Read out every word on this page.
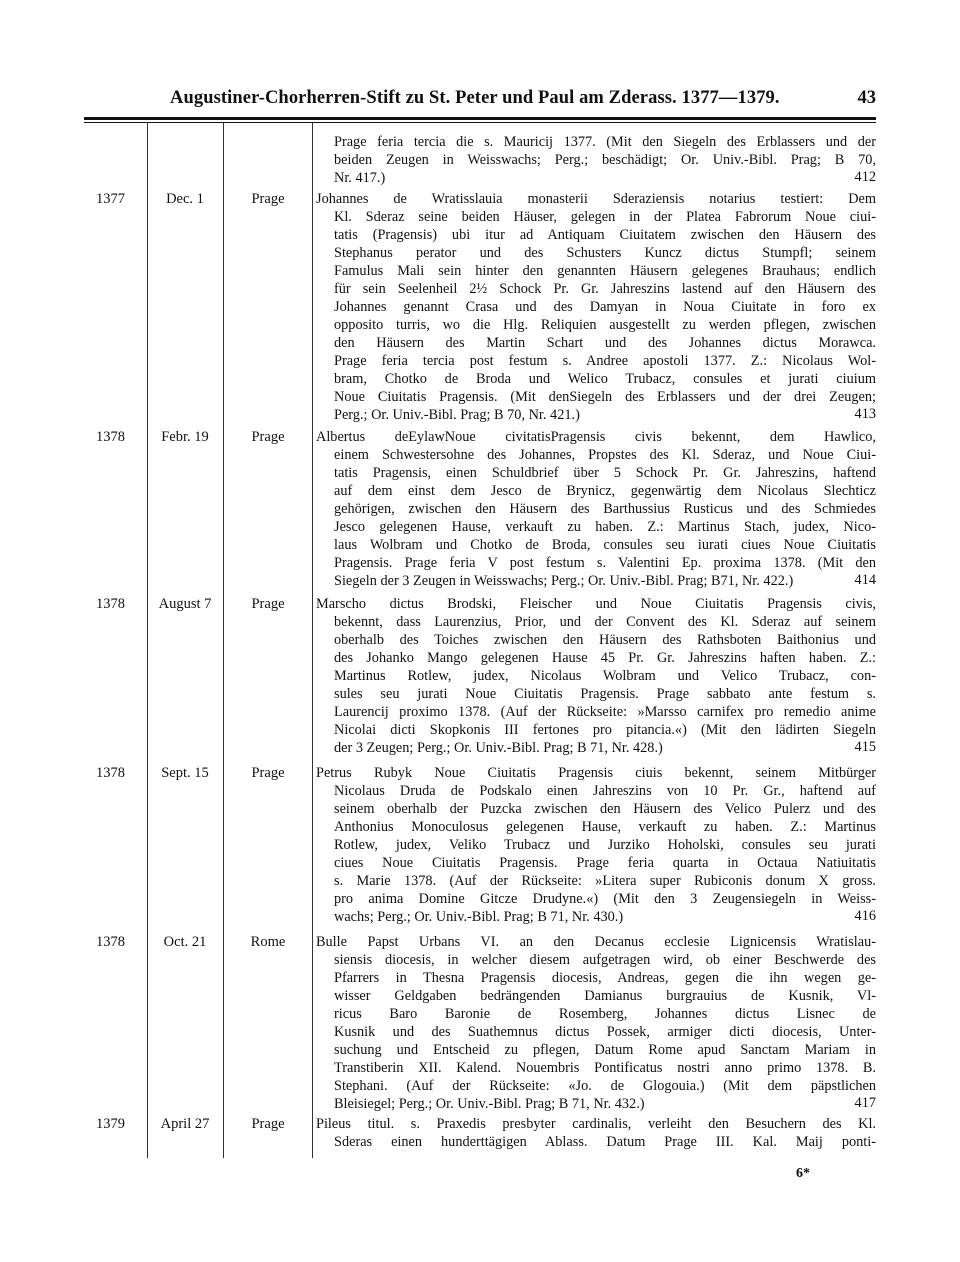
Augustiner-Chorherren-Stift zu St. Peter und Paul am Zderass. 1377—1379.	43
Prage feria tercia die s. Mauricij 1377. (Mit den Siegeln des Erblassers und der
beiden Zeugen in Weisswachs; Perg.; beschädigt; Or. Univ.-Bibl. Prag; B 70,
Nr. 417.)	412
1377	Dec. 1	Prage	Johannes de Wratisslauia monasterii Sderaziensis notarius testiert: Dem
Kl. Sderaz seine beiden Häuser, gelegen in der Platea Fabrorum Noue ciui-
tatis (Pragensis) ubi itur ad Antiquam Ciuitatem zwischen den Häusern des
Stephanus perator und des Schusters Kuncz dictus Stumpfl; seinem
Famulus Mali sein hinter den genannten Häusern gelegenes Brauhaus; endlich
für sein Seelenheil 2½ Schock Pr. Gr. Jahreszins lastend auf den Häusern des
Johannes genannt Crasa und des Damyan in Noua Ciuitate in foro ex
opposito turris, wo die Hlg. Reliquien ausgestellt zu werden pflegen, zwischen
den Häusern des Martin Schart und des Johannes dictus Morawca.
Prage feria tercia post festum s. Andree apostoli 1377. Z.: Nicolaus Wol-
bram, Chotko de Broda und Welico Trubacz, consules et jurati ciuium
Noue Ciuitatis Pragensis. (Mit denSiegeln des Erblassers und der drei Zeugen;
Perg.; Or. Univ.-Bibl. Prag; B 70, Nr. 421.)	413
1378	Febr. 19	Prage	Albertus deEylawNoue civitatisPragensis civis bekennt, dem Hawlico,
einem Schwestersohne des Johannes, Propstes des Kl. Sderaz, und Noue Ciui-
tatis Pragensis, einen Schuldbrief über 5 Schock Pr. Gr. Jahreszins, haftend
auf dem einst dem Jesco de Brynicz, gegenwärtig dem Nicolaus Slechticz
gehörigen, zwischen den Häusern des Barthussius Rusticus und des Schmiedes
Jesco gelegenen Hause, verkauft zu haben. Z.: Martinus Stach, judex, Nico-
laus Wolbram und Chotko de Broda, consules seu iurati ciues Noue Ciuitatis
Pragensis. Prage feria V post festum s. Valentini Ep. proxima 1378. (Mit den
Siegeln der 3 Zeugen in Weisswachs; Perg.; Or. Univ.-Bibl. Prag; B71, Nr. 422.)	414
1378	August 7	Prage	Marscho dictus Brodski, Fleischer und Noue Ciuitatis Pragensis civis,
bekennt, dass Laurenzius, Prior, und der Convent des Kl. Sderaz auf seinem
oberhalb des Toiches zwischen den Häusern des Rathsboten Baithonius und
des Johanko Mango gelegenen Hause 45 Pr. Gr. Jahreszins haften haben. Z.:
Martinus Rotlew, judex, Nicolaus Wolbram und Velico Trubacz, con-
sules seu jurati Noue Ciuitatis Pragensis. Prage sabbato ante festum s.
Laurencij proximo 1378. (Auf der Rückseite: »Marsso carnifex pro remedio anime
Nicolai dicti Skopkonis III fertones pro pitancia.«) (Mit den lädirten Siegeln
der 3 Zeugen; Perg.; Or. Univ.-Bibl. Prag; B 71, Nr. 428.)	415
1378	Sept. 15	Prage	Petrus Rubyk Noue Ciuitatis Pragensis ciuis bekennt, seinem Mitbürger
Nicolaus Druda de Podskalo einen Jahreszins von 10 Pr. Gr., haftend auf
seinem oberhalb der Puzcka zwischen den Häusern des Velico Pulerz und des
Anthonius Monoculosus gelegenen Hause, verkauft zu haben. Z.: Martinus
Rotlew, judex, Veliko Trubacz und Jurziko Hoholski, consules seu jurati
ciues Noue Ciuitatis Pragensis. Prage feria quarta in Octaua Natiuitatis
s. Marie 1378. (Auf der Rückseite: »Litera super Rubiconis donum X gross.
pro anima Domine Gitcze Drudyne.«) (Mit den 3 Zeugensiegeln in Weiss-
wachs; Perg.; Or. Univ.-Bibl. Prag; B 71, Nr. 430.)	416
1378	Oct. 21	Rome	Bulle Papst Urbans VI. an den Decanus ecclesie Lignicensis Wratislau-
siensis diocesis, in welcher diesem aufgetragen wird, ob einer Beschwerde des
Pfarrers in Thesna Pragensis diocesis, Andreas, gegen die ihn wegen ge-
wisser Geldgaben bedrängenden Damianus burgrauius de Kusnik, Vl-
ricus Baro Baronie de Rosemberg, Johannes dictus Lisnec de
Kusnik und des Suathemnus dictus Possek, armiger dicti diocesis, Unter-
suchung und Entscheid zu pflegen, Datum Rome apud Sanctam Mariam in
Transtiberin XII. Kalend. Nouembris Pontificatus nostri anno primo 1378. B.
Stephani. (Auf der Rückseite: «Jo. de Glogouia.) (Mit dem päpstlichen
Bleisiegel; Perg.; Or. Univ.-Bibl. Prag; B 71, Nr. 432.)	417
1379	April 27	Prage	Pileus titul. s. Praxedis presbyter cardinalis, verleiht den Besuchern des Kl.
Sderas einen hunderttägigen Ablass. Datum Prage III. Kal. Maij ponti-
6*
